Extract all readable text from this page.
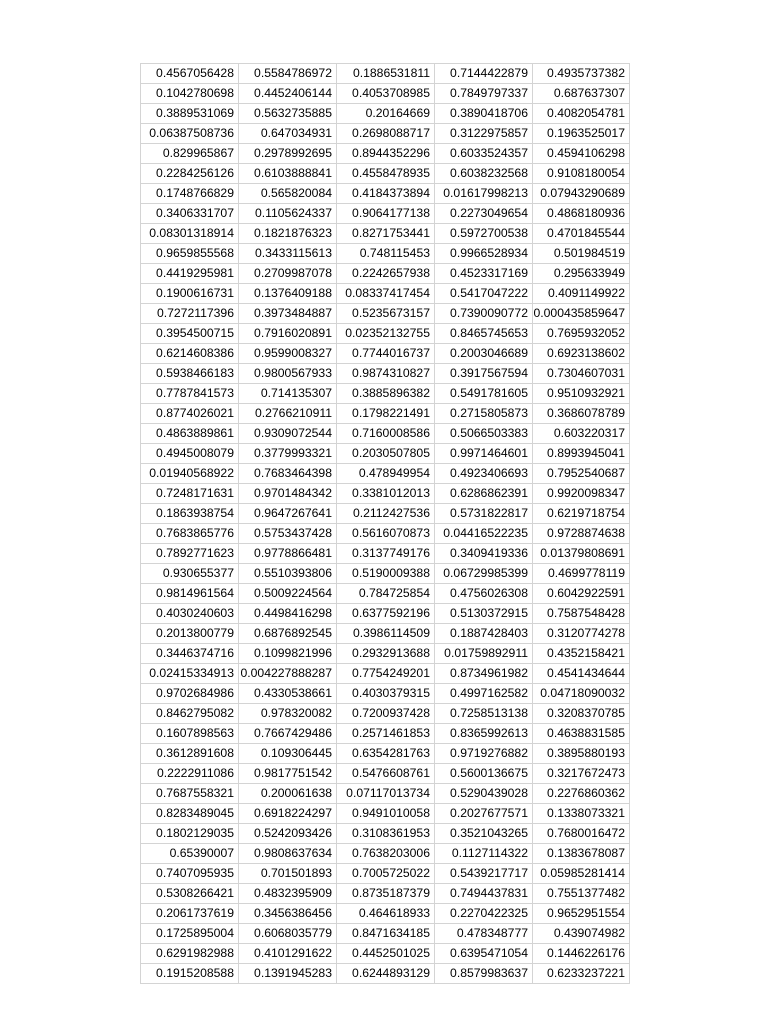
0.4567056428	0.5584786972	0.1886531811	0.7144422879	0.4935737382
0.1042780698	0.4452406144	0.4053708985	0.7849797337	0.687637307
0.3889531069	0.5632735885	0.20164669	0.3890418706	0.4082054781
0.06387508736	0.647034931	0.2698088717	0.3122975857	0.1963525017
0.829965867	0.2978992695	0.8944352296	0.6033524357	0.4594106298
0.2284256126	0.6103888841	0.4558478935	0.6038232568	0.9108180054
0.1748766829	0.565820084	0.4184373894	0.01617998213	0.07943290689
0.3406331707	0.1105624337	0.9064177138	0.2273049654	0.4868180936
0.08301318914	0.1821876323	0.8271753441	0.5972700538	0.4701845544
0.9659855568	0.3433115613	0.748115453	0.9966528934	0.501984519
0.4419295981	0.2709987078	0.2242657938	0.4523317169	0.295633949
0.1900616731	0.1376409188	0.08337417454	0.5417047222	0.4091149922
0.7272117396	0.3973484887	0.5235673157	0.7390090772	0.000435859647
0.3954500715	0.7916020891	0.02352132755	0.8465745653	0.7695932052
0.6214608386	0.9599008327	0.7744016737	0.2003046689	0.6923138602
0.5938466183	0.9800567933	0.9874310827	0.3917567594	0.7304607031
0.7787841573	0.714135307	0.3885896382	0.5491781605	0.9510932921
0.8774026021	0.2766210911	0.1798221491	0.2715805873	0.3686078789
0.4863889861	0.9309072544	0.7160008586	0.5066503383	0.603220317
0.4945008079	0.3779993321	0.2030507805	0.9971464601	0.8993945041
0.01940568922	0.7683464398	0.478949954	0.4923406693	0.7952540687
0.7248171631	0.9701484342	0.3381012013	0.6286862391	0.9920098347
0.1863938754	0.9647267641	0.2112427536	0.5731822817	0.6219718754
0.7683865776	0.5753437428	0.5616070873	0.04416522235	0.9728874638
0.7892771623	0.9778866481	0.3137749176	0.3409419336	0.01379808691
0.930655377	0.5510393806	0.5190009388	0.06729985399	0.4699778119
0.9814961564	0.5009224564	0.784725854	0.4756026308	0.6042922591
0.4030240603	0.4498416298	0.6377592196	0.5130372915	0.7587548428
0.2013800779	0.6876892545	0.3986114509	0.1887428403	0.3120774278
0.3446374716	0.1099821996	0.2932913688	0.01759892911	0.4352158421
0.02415334913	0.004227888287	0.7754249201	0.8734961982	0.4541434644
0.9702684986	0.4330538661	0.4030379315	0.4997162582	0.04718090032
0.8462795082	0.978320082	0.7200937428	0.7258513138	0.3208370785
0.1607898563	0.7667429486	0.2571461853	0.8365992613	0.4638831585
0.3612891608	0.109306445	0.6354281763	0.9719276882	0.3895880193
0.2222911086	0.9817751542	0.5476608761	0.5600136675	0.3217672473
0.7687558321	0.200061638	0.07117013734	0.5290439028	0.2276860362
0.8283489045	0.6918224297	0.9491010058	0.2027677571	0.1338073321
0.1802129035	0.5242093426	0.3108361953	0.3521043265	0.7680016472
0.65390007	0.9808637634	0.7638203006	0.1127114322	0.1383678087
0.7407095935	0.701501893	0.7005725022	0.5439217717	0.05985281414
0.5308266421	0.4832395909	0.8735187379	0.7494437831	0.7551377482
0.2061737619	0.3456386456	0.464618933	0.2270422325	0.9652951554
0.1725895004	0.6068035779	0.8471634185	0.478348777	0.439074982
0.6291982988	0.4101291622	0.4452501025	0.6395471054	0.1446226176
0.1915208588	0.1391945283	0.6244893129	0.8579983637	0.6233237221
